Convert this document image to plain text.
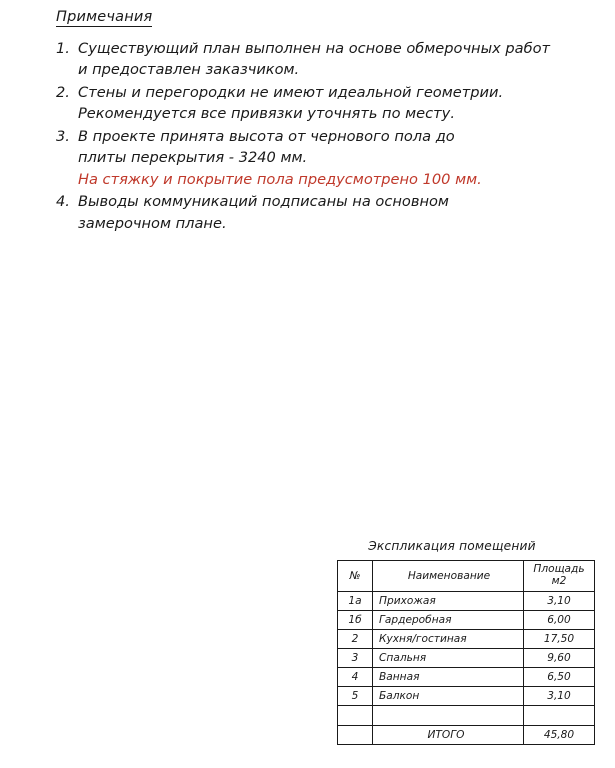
Примечания
1. Существующий план выполнен на основе обмерочных работ
и предоставлен заказчиком.
2. Стены и перегородки не имеют идеальной геометрии.
Рекомендуется все привязки уточнять по месту.
3. В проекте принята высота от чернового пола до
плиты перекрытия - 3240 мм.
На стяжку и покрытие пола предусмотрено 100 мм.
4. Выводы коммуникаций подписаны на основном
замерочном плане.
Экспликация помещений
№	Наименование	Площадь
м2

1а	Прихожая	3,10
1б	Гардеробная	6,00
2	Кухня/гостиная	17,50
3	Спальня	9,60
4	Ванная	6,50
5	Балкон	3,10

	ИТОГО	45,80
